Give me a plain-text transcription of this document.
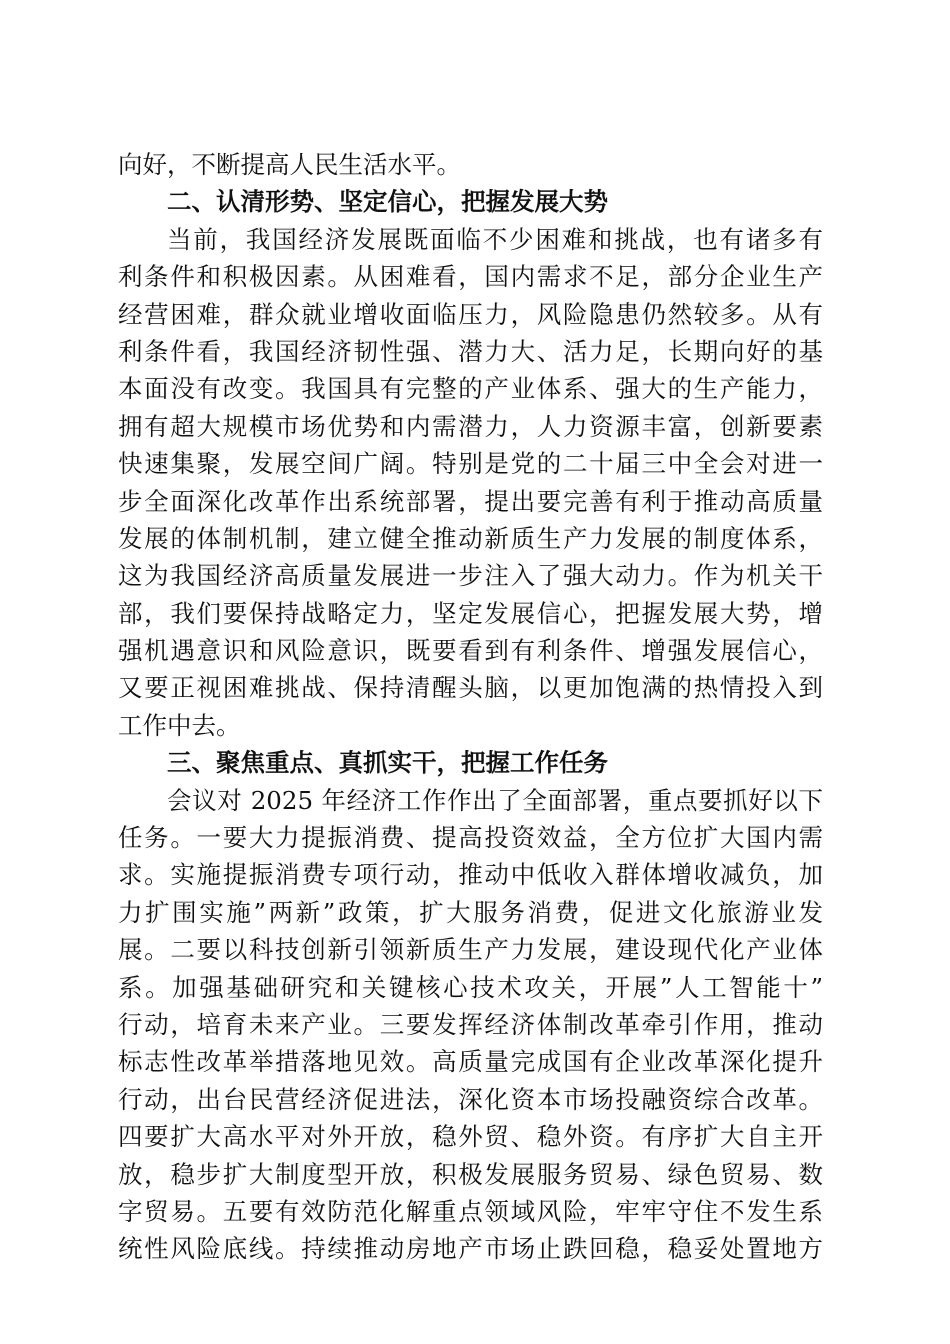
向好，不断提高人民生活水平。
二、认清形势、坚定信心，把握发展大势
当前，我国经济发展既面临不少困难和挑战，也有诸多有
利条件和积极因素。从困难看，国内需求不足，部分企业生产
经营困难，群众就业增收面临压力，风险隐患仍然较多。从有
利条件看，我国经济韧性强、潜力大、活力足，长期向好的基
本面没有改变。我国具有完整的产业体系、强大的生产能力，
拥有超大规模市场优势和内需潜力，人力资源丰富，创新要素
快速集聚，发展空间广阔。特别是党的二十届三中全会对进一
步全面深化改革作出系统部署，提出要完善有利于推动高质量
发展的体制机制，建立健全推动新质生产力发展的制度体系，
这为我国经济高质量发展进一步注入了强大动力。作为机关干
部，我们要保持战略定力，坚定发展信心，把握发展大势，增
强机遇意识和风险意识，既要看到有利条件、增强发展信心，
又要正视困难挑战、保持清醒头脑，以更加饱满的热情投入到
工作中去。
三、聚焦重点、真抓实干，把握工作任务
会议对 2025 年经济工作作出了全面部署，重点要抓好以下
任务。一要大力提振消费、提高投资效益，全方位扩大国内需
求。实施提振消费专项行动，推动中低收入群体增收减负，加
力扩围实施”两新”政策，扩大服务消费，促进文化旅游业发
展。二要以科技创新引领新质生产力发展，建设现代化产业体
系。加强基础研究和关键核心技术攻关，开展”人工智能十”
行动，培育未来产业。三要发挥经济体制改革牵引作用，推动
标志性改革举措落地见效。高质量完成国有企业改革深化提升
行动，出台民营经济促进法，深化资本市场投融资综合改革。
四要扩大高水平对外开放，稳外贸、稳外资。有序扩大自主开
放，稳步扩大制度型开放，积极发展服务贸易、绿色贸易、数
字贸易。五要有效防范化解重点领域风险，牢牢守住不发生系
统性风险底线。持续推动房地产市场止跌回稳，稳妥处置地方
